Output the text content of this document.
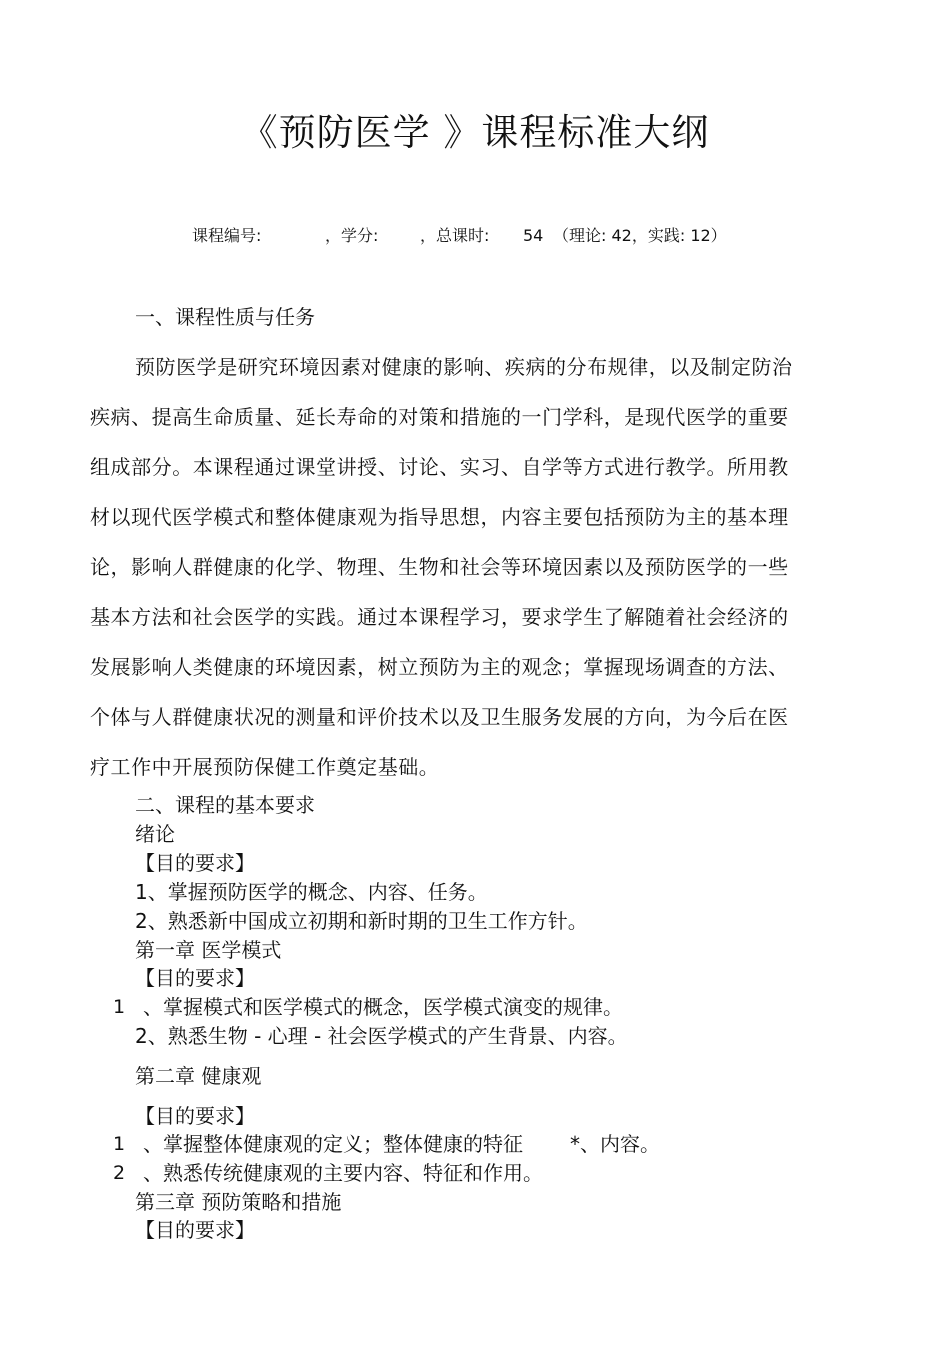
《预防医学 》课程标准大纲
课程编号:	，学分:	，总课时: 54 （理论: 42，实践: 12）
一、课程性质与任务
预防医学是研究环境因素对健康的影响、疾病的分布规律，以及制定防治
疾病、提高生命质量、延长寿命的对策和措施的一门学科，是现代医学的重要
组成部分。本课程通过课堂讲授、讨论、实习、自学等方式进行教学。所用教
材以现代医学模式和整体健康观为指导思想，内容主要包括预防为主的基本理
论，影响人群健康的化学、物理、生物和社会等环境因素以及预防医学的一些
基本方法和社会医学的实践。通过本课程学习，要求学生了解随着社会经济的
发展影响人类健康的环境因素，树立预防为主的观念；掌握现场调查的方法、
个体与人群健康状况的测量和评价技术以及卫生服务发展的方向，为今后在医
疗工作中开展预防保健工作奠定基础。
二、课程的基本要求
绪论
【目的要求】
1、掌握预防医学的概念、内容、任务。
2、熟悉新中国成立初期和新时期的卫生工作方针。
第一章 医学模式
【目的要求】
1 、掌握模式和医学模式的概念，医学模式演变的规律。
2、熟悉生物 - 心理 - 社会医学模式的产生背景、内容。
第二章 健康观
【目的要求】
1 、掌握整体健康观的定义；整体健康的特征 *、内容。
2 、熟悉传统健康观的主要内容、特征和作用。
第三章 预防策略和措施
【目的要求】
